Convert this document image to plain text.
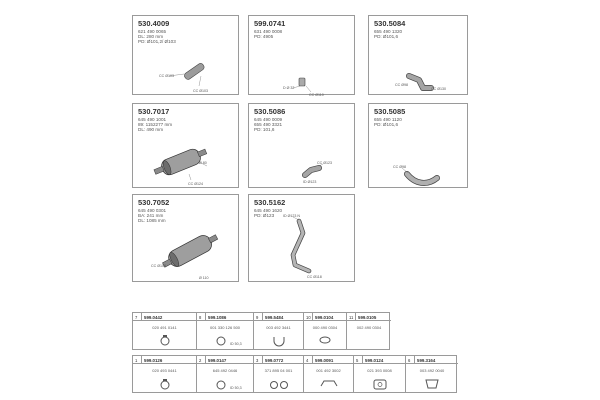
530.4009
621 490 0065
DL: 280 mm
PD: Ø101,2/ Ø103
CC Ø103
CC Ø103
599.0741
631 490 0008
PD: 4905
D Ø 32
CC Ø110
530.5084
655 490 1320
PD: Ø101,6
CC Ø98
CC Ø130
530.7017
645 490 1001
89: 1152277 mm
DL: 490 mm
Ø 80
CC Ø124
530.5086
645 490 0009
655 490 3321
PD: 101,6
CC Ø123
ID Ø123
530.5085
655 490 1120
PD: Ø101,6
CC Ø98
530.7052
645 490 0301
BA: 241 mm
DL: 1085 mm
CC Ø158
Ø 110
530.5162
645 490 1620
PD: Ø123 ID Ø123 N
CC Ø118
7 599.0442
020 491 0141
8 599.1086
001 330 126 500
ID 50,3
9 599.5484
003 492 3441
10 599.0104
000 490 0304
11 599.0105
002 490 0304
1 599.0126
020 493 0441
2 599.0147
645 492 0446
ID 50,3
3 599.0772
371 895 04 001
4 599.0091
001 492 3002
5 599.0124
021 393 0008
6 599.3164
003 492 0040
